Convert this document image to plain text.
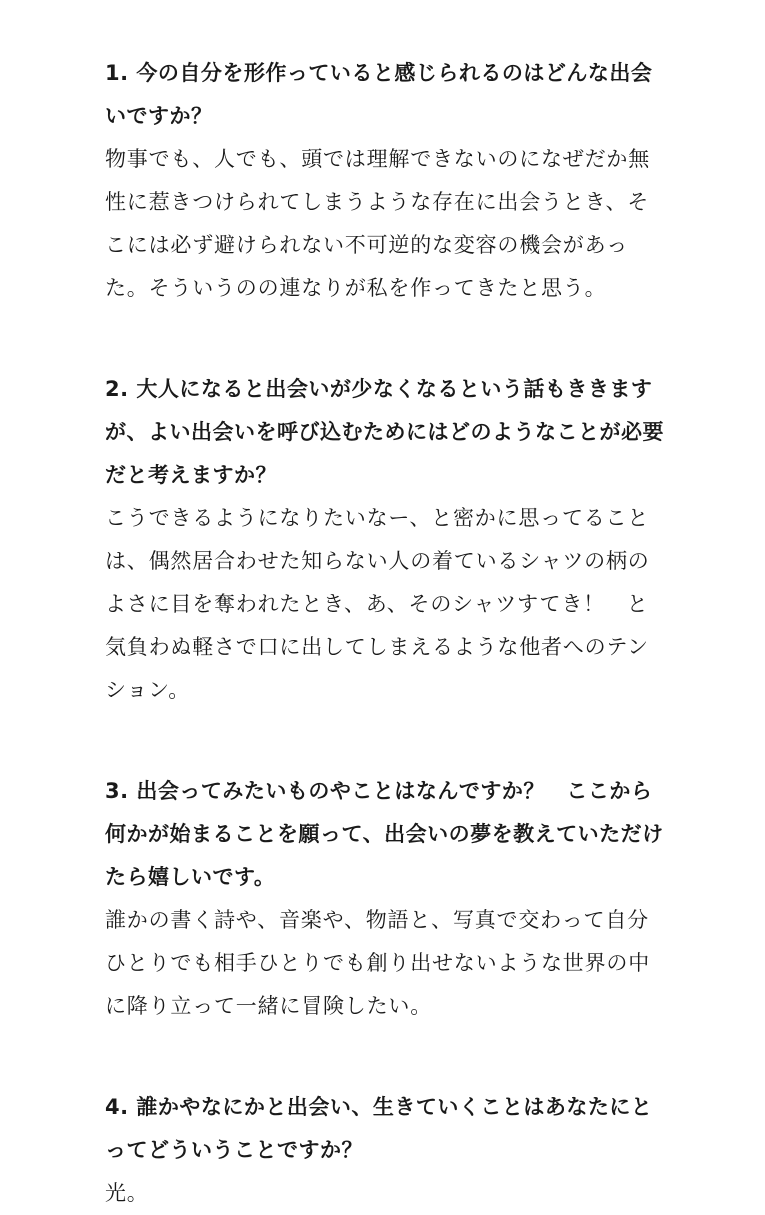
1. 今の自分を形作っていると感じられるのはどんな出会いですか？

物事でも、人でも、頭では理解できないのになぜだか無性に惹きつけられてしまうような存在に出会うとき、そこには必ず避けられない不可逆的な変容の機会があった。そういうのの連なりが私を作ってきたと思う。

2. 大人になると出会いが少なくなるという話もききますが、よい出会いを呼び込むためにはどのようなことが必要だと考えますか？

こうできるようになりたいなー、と密かに思ってることは、偶然居合わせた知らない人の着ているシャツの柄のよさに目を奪われたとき、あ、そのシャツすてき！　と気負わぬ軽さで口に出してしまえるような他者へのテンション。

3. 出会ってみたいものやことはなんですか？　ここから何かが始まることを願って、出会いの夢を教えていただけたら嬉しいです。

誰かの書く詩や、音楽や、物語と、写真で交わって自分ひとりでも相手ひとりでも創り出せないような世界の中に降り立って一緒に冒険したい。

4. 誰かやなにかと出会い、生きていくことはあなたにとってどういうことですか？

光。
